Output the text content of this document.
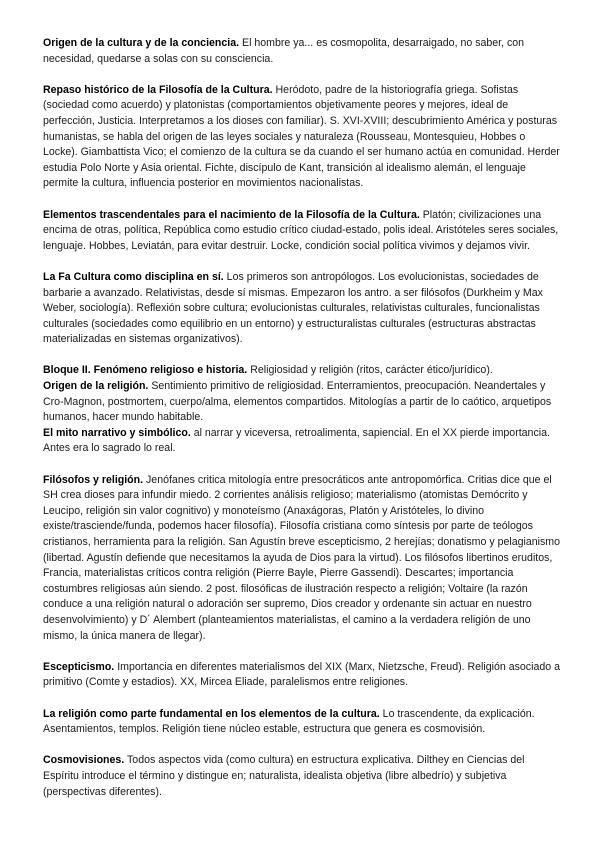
Origen de la cultura y de la conciencia. El hombre ya... es cosmopolita, desarraigado, no saber, con necesidad, quedarse a solas con su consciencia.

Repaso histórico de la Filosofía de la Cultura. Heródoto, padre de la historiografía griega. Sofistas (sociedad como acuerdo) y platonistas (comportamientos objetivamente peores y mejores, ideal de perfección, Justicia. Interpretamos a los dioses con familiar). S. XVI-XVIII; descubrimiento América y posturas humanistas, se habla del origen de las leyes sociales y naturaleza (Rousseau, Montesquieu, Hobbes o Locke). Giambattista Vico; el comienzo de la cultura se da cuando el ser humano actúa en comunidad. Herder estudia Polo Norte y Asia oriental. Fichte, discípulo de Kant, transición al idealismo alemán, el lenguaje permite la cultura, influencia posterior en movimientos nacionalistas.

Elementos trascendentales para el nacimiento de la Filosofía de la Cultura. Platón; civilizaciones una encima de otras, política, República como estudio crítico ciudad-estado, polis ideal. Aristóteles seres sociales, lenguaje. Hobbes, Leviatán, para evitar destruir. Locke, condición social política vivimos y dejamos vivir.

La Fa Cultura como disciplina en sí. Los primeros son antropólogos. Los evolucionistas, sociedades de barbarie a avanzado. Relativistas, desde sí mismas. Empezaron los antro. a ser filósofos (Durkheim y Max Weber, sociología). Reflexión sobre cultura; evolucionistas culturales, relativistas culturales, funcionalistas culturales (sociedades como equilibrio en un entorno) y estructuralistas culturales (estructuras abstractas materializadas en sistemas organizativos).

Bloque II. Fenómeno religioso e historia. Religiosidad y religión (ritos, carácter ético/jurídico).

Origen de la religión. Sentimiento primitivo de religiosidad. Enterramientos, preocupación. Neandertales y Cro-Magnon, postmortem, cuerpo/alma, elementos compartidos. Mitologías a partir de lo caótico, arquetipos humanos, hacer mundo habitable.

El mito narrativo y simbólico. al narrar y viceversa, retroalimenta, sapiencial. En el XX pierde importancia. Antes era lo sagrado lo real.

Filósofos y religión. Jenófanes critica mitología entre presocráticos ante antropomórfica. Critias dice que el SH crea dioses para infundir miedo. 2 corrientes análisis religioso; materialismo (atomistas Demócrito y Leucipo, religión sin valor cognitivo) y monoteísmo (Anaxágoras, Platón y Aristóteles, lo divino existe/trasciende/funda, podemos hacer filosofía). Filosofía cristiana como síntesis por parte de teólogos cristianos, herramienta para la religión. San Agustín breve escepticismo, 2 herejías; donatismo y pelagianismo (libertad. Agustín defiende que necesitamos la ayuda de Dios para la virtud). Los filósofos libertinos eruditos, Francia, materialistas críticos contra religión (Pierre Bayle, Pierre Gassendi). Descartes; importancia costumbres religiosas aún siendo. 2 post. filosóficas de ilustración respecto a religión; Voltaire (la razón conduce a una religión natural o adoración ser supremo, Dios creador y ordenante sin actuar en nuestro desenvolvimiento) y D´ Alembert (planteamientos materialistas, el camino a la verdadera religión de uno mismo, la única manera de llegar).

Escepticismo. Importancia en diferentes materialismos del XIX (Marx, Nietzsche, Freud). Religión asociado a primitivo (Comte y estadios). XX, Mircea Eliade, paralelismos entre religiones.

La religión como parte fundamental en los elementos de la cultura. Lo trascendente, da explicación. Asentamientos, templos. Religión tiene núcleo estable, estructura que genera es cosmovisión.

Cosmovisiones. Todos aspectos vida (como cultura) en estructura explicativa. Dilthey en Ciencias del Espíritu introduce el término y distingue en; naturalista, idealista objetiva (libre albedrío) y subjetiva (perspectivas diferentes).
